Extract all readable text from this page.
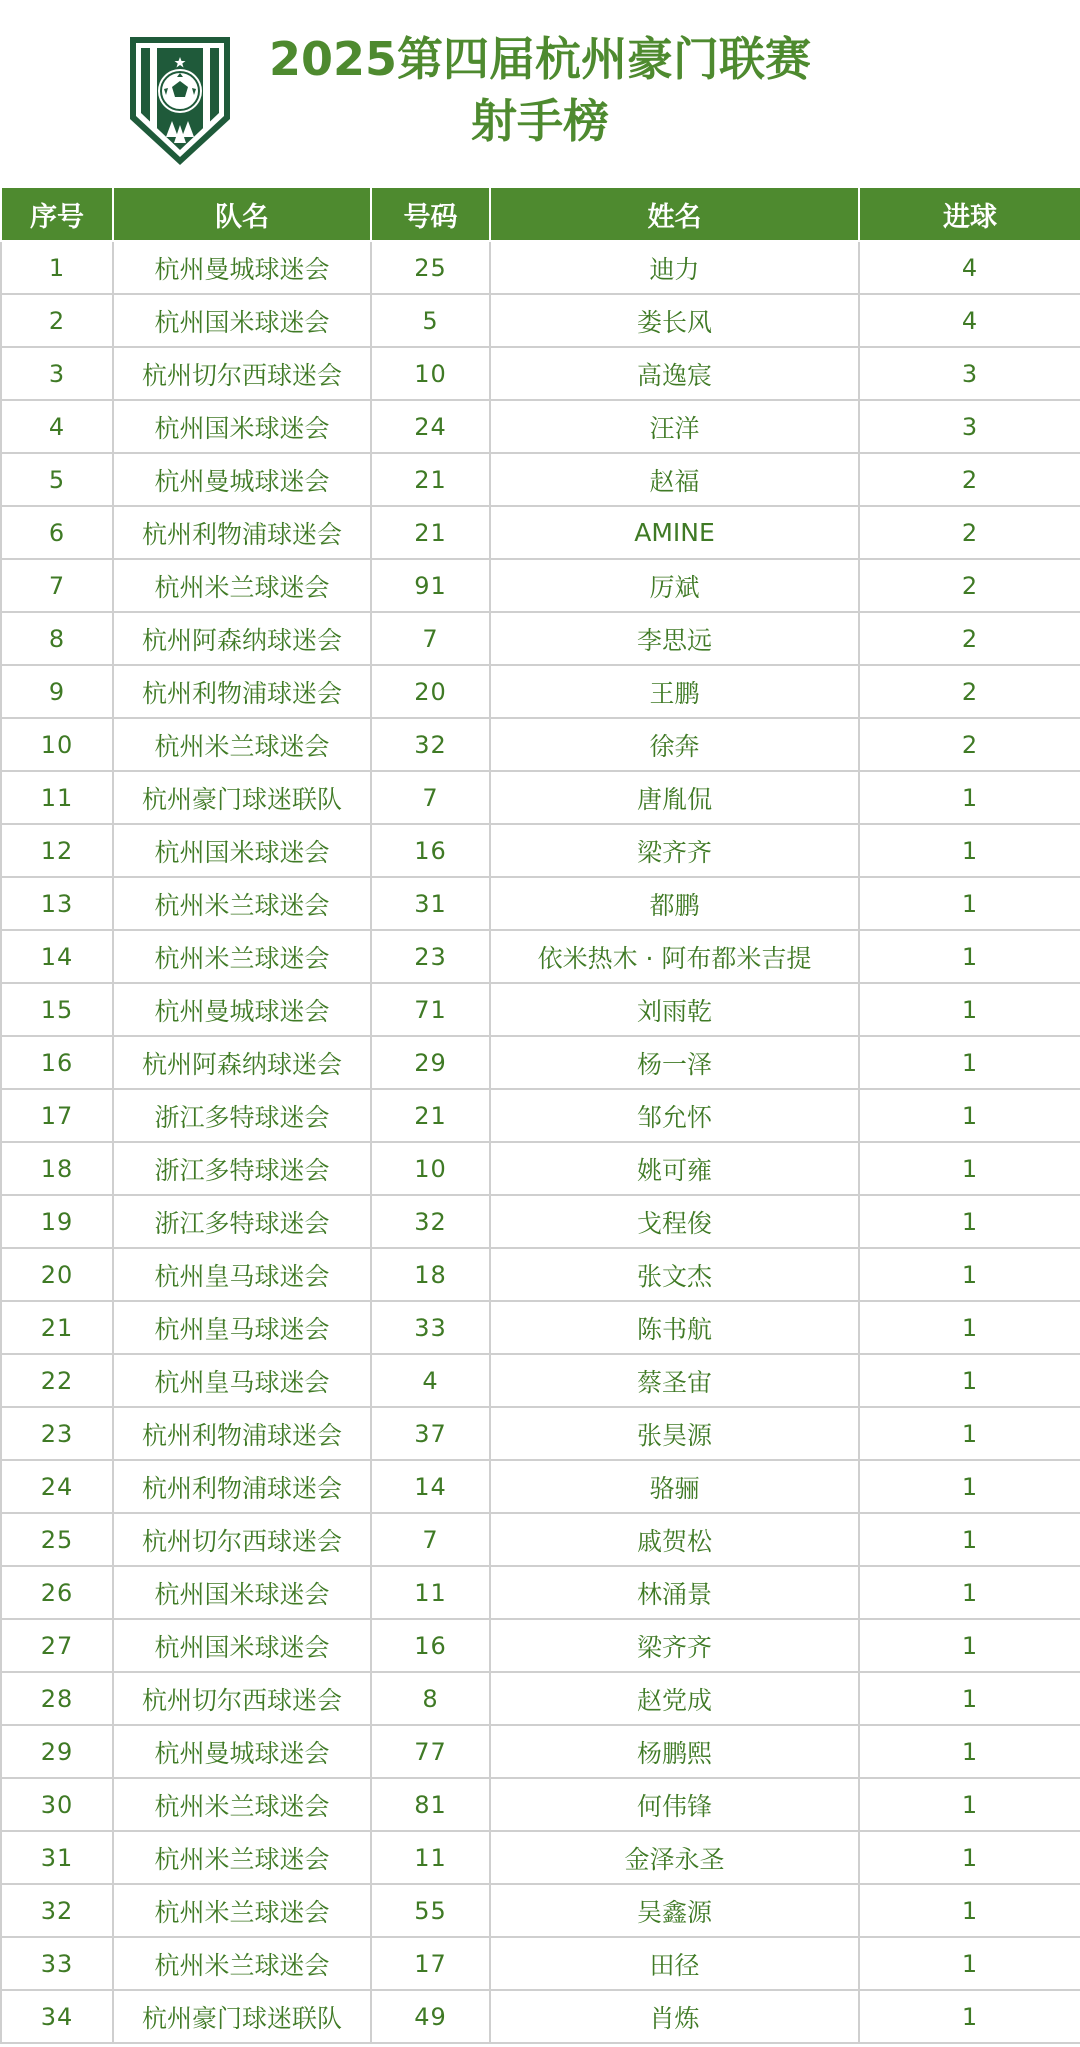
2025第四届杭州豪门联赛
射手榜
序号	队名	号码	姓名	进球
1	杭州曼城球迷会	25	迪力	4
2	杭州国米球迷会	5	娄长风	4
3	杭州切尔西球迷会	10	高逸宸	3
4	杭州国米球迷会	24	汪洋	3
5	杭州曼城球迷会	21	赵福	2
6	杭州利物浦球迷会	21	AMINE	2
7	杭州米兰球迷会	91	厉斌	2
8	杭州阿森纳球迷会	7	李思远	2
9	杭州利物浦球迷会	20	王鹏	2
10	杭州米兰球迷会	32	徐奔	2
11	杭州豪门球迷联队	7	唐胤侃	1
12	杭州国米球迷会	16	梁齐齐	1
13	杭州米兰球迷会	31	都鹏	1
14	杭州米兰球迷会	23	依米热木 · 阿布都米吉提	1
15	杭州曼城球迷会	71	刘雨乾	1
16	杭州阿森纳球迷会	29	杨一泽	1
17	浙江多特球迷会	21	邹允怀	1
18	浙江多特球迷会	10	姚可雍	1
19	浙江多特球迷会	32	戈程俊	1
20	杭州皇马球迷会	18	张文杰	1
21	杭州皇马球迷会	33	陈书航	1
22	杭州皇马球迷会	4	蔡圣宙	1
23	杭州利物浦球迷会	37	张昊源	1
24	杭州利物浦球迷会	14	骆骊	1
25	杭州切尔西球迷会	7	戚贺松	1
26	杭州国米球迷会	11	林涌景	1
27	杭州国米球迷会	16	梁齐齐	1
28	杭州切尔西球迷会	8	赵党成	1
29	杭州曼城球迷会	77	杨鹏熙	1
30	杭州米兰球迷会	81	何伟锋	1
31	杭州米兰球迷会	11	金泽永圣	1
32	杭州米兰球迷会	55	吴鑫源	1
33	杭州米兰球迷会	17	田径	1
34	杭州豪门球迷联队	49	肖炼	1
